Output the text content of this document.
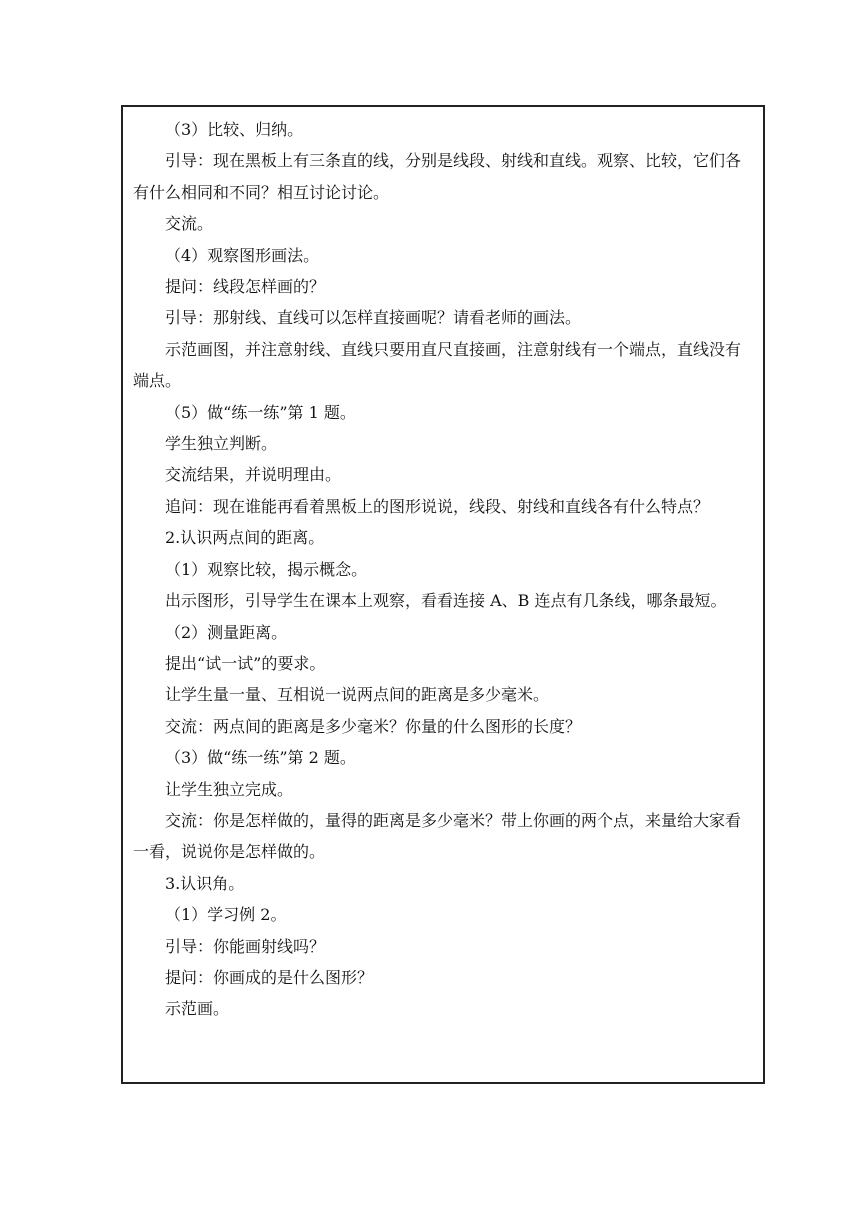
（3）比较、归纳。

引导：现在黑板上有三条直的线，分别是线段、射线和直线。观察、比较，它们各有什么相同和不同？相互讨论讨论。

交流。

（4）观察图形画法。

提问：线段怎样画的？

引导：那射线、直线可以怎样直接画呢？请看老师的画法。

示范画图，并注意射线、直线只要用直尺直接画，注意射线有一个端点，直线没有端点。

（5）做“练一练”第 1 题。

学生独立判断。

交流结果，并说明理由。

追问：现在谁能再看着黑板上的图形说说，线段、射线和直线各有什么特点？

2.认识两点间的距离。

（1）观察比较，揭示概念。

出示图形，引导学生在课本上观察，看看连接 A、B 连点有几条线，哪条最短。

（2）测量距离。

提出“试一试”的要求。

让学生量一量、互相说一说两点间的距离是多少毫米。

交流：两点间的距离是多少毫米？你量的什么图形的长度？

（3）做“练一练”第 2 题。

让学生独立完成。

交流：你是怎样做的，量得的距离是多少毫米？带上你画的两个点，来量给大家看一看，说说你是怎样做的。

3.认识角。

（1）学习例 2。

引导：你能画射线吗？

提问：你画成的是什么图形？

示范画。
